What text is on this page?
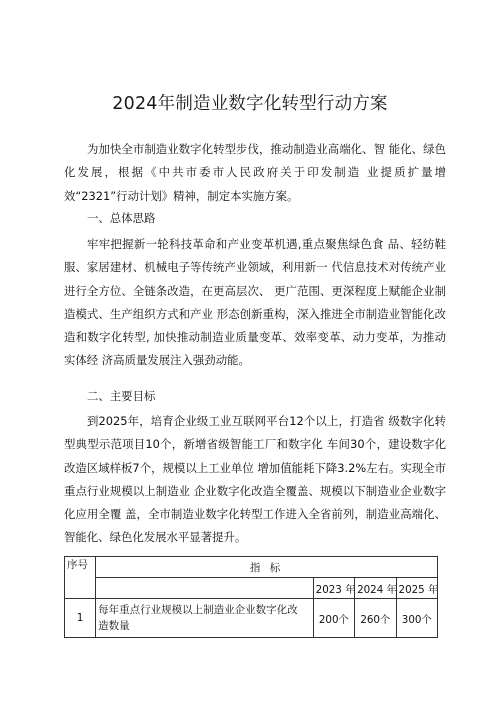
2024年制造业数字化转型行动方案

为加快全市制造业数字化转型步伐，推动制造业高端化、智 能化、绿色化发展，根据《中共市委市人民政府关于印发制造 业提质扩量增效“2321”行动计划》精神，制定本实施方案。

一、总体思路

牢牢把握新一轮科技革命和产业变革机遇,重点聚焦绿色食 品、轻纺鞋服、家居建材、机械电子等传统产业领域，利用新一 代信息技术对传统产业进行全方位、全链条改造，在更高层次、 更广范围、更深程度上赋能企业制造模式、生产组织方式和产业 形态创新重构，深入推进全市制造业智能化改造和数字化转型, 加快推动制造业质量变革、效率变革、动力变革，为推动实体经 济高质量发展注入强劲动能。

二、主要目标

到2025年，培育企业级工业互联网平台12个以上，打造省 级数字化转型典型示范项目10个，新增省级智能工厂和数字化 车间30个，建设数字化改造区域样板7个，规模以上工业单位 增加值能耗下降3.2%左右。实现全市重点行业规模以上制造业 企业数字化改造全覆盖、规模以下制造业企业数字化应用全覆 盖，全市制造业数字化转型工作进入全省前列，制造业高端化、 智能化、绿色化发展水平显著提升。

序号	指 标			
		2023 年	2024 年	2025 年
1	每年重点行业规模以上制造业企业数字化改 造数量	200个	260个	300个
